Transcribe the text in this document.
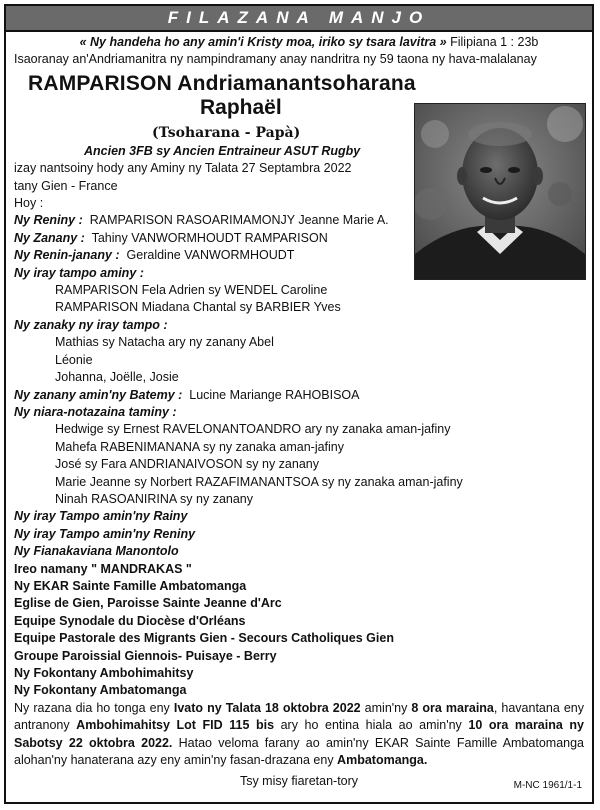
FILAZANA MANJO
« Ny handeha ho any amin'i Kristy moa, iriko sy tsara lavitra » Filipiana 1 : 23b
Isaoranay an'Andriamanitra ny nampindramany anay nandritra ny 59 taona ny hava-malalanay
RAMPARISON Andriamanantsoharana
Raphaël
(Tsoharana - Papà)
Ancien 3FB sy Ancien Entraineur ASUT Rugby
izay nantsoiny hody any Aminy ny Talata 27 Septambra 2022
tany Gien - France
Hoy :
Ny Reniny : RAMPARISON RASOARIMAMONJY Jeanne Marie A.
Ny Zanany : Tahiny VANWORMHOUDT RAMPARISON
Ny Renin-janany : Geraldine VANWORMHOUDT
Ny iray tampo aminy :
RAMPARISON Fela Adrien sy WENDEL Caroline
RAMPARISON Miadana Chantal sy BARBIER Yves
Ny zanaky ny iray tampo :
Mathias sy Natacha ary ny zanany Abel
Léonie
Johanna, Joëlle, Josie
Ny zanany amin'ny Batemy : Lucine Mariange RAHOBISOA
Ny niara-notazaina taminy :
Hedwige sy Ernest RAVELONANTOANDRO ary ny zanaka aman-jafiny
Mahefa RABENIMANANA sy ny zanaka aman-jafiny
José sy Fara ANDRIANAIVOSON sy ny zanany
Marie Jeanne sy Norbert RAZAFIMANANTSOA sy ny zanaka aman-jafiny
Ninah RASOANIRINA sy ny zanany
Ny iray Tampo amin'ny Rainy
Ny iray Tampo amin'ny Reniny
Ny Fianakaviana Manontolo
Ireo namany " MANDRAKAS "
Ny EKAR Sainte Famille Ambatomanga
Eglise de Gien, Paroisse Sainte Jeanne d'Arc
Equipe Synodale du Diocèse d'Orléans
Equipe Pastorale des Migrants Gien - Secours Catholiques Gien
Groupe Paroissial Giennois- Puisaye - Berry
Ny Fokontany Ambohimahitsy
Ny Fokontany Ambatomanga
Ny razana dia ho tonga eny Ivato ny Talata 18 oktobra 2022 amin'ny 8 ora maraina, havantana eny antranony Ambohimahitsy Lot FID 115 bis ary ho entina hiala ao amin'ny 10 ora maraina ny Sabotsy 22 oktobra 2022. Hatao veloma farany ao amin'ny EKAR Sainte Famille Ambatomanga alohan'ny hanaterana azy eny amin'ny fasan-drazana eny Ambatomanga.
Tsy misy fiaretan-tory	M-NC 1961/1-1
